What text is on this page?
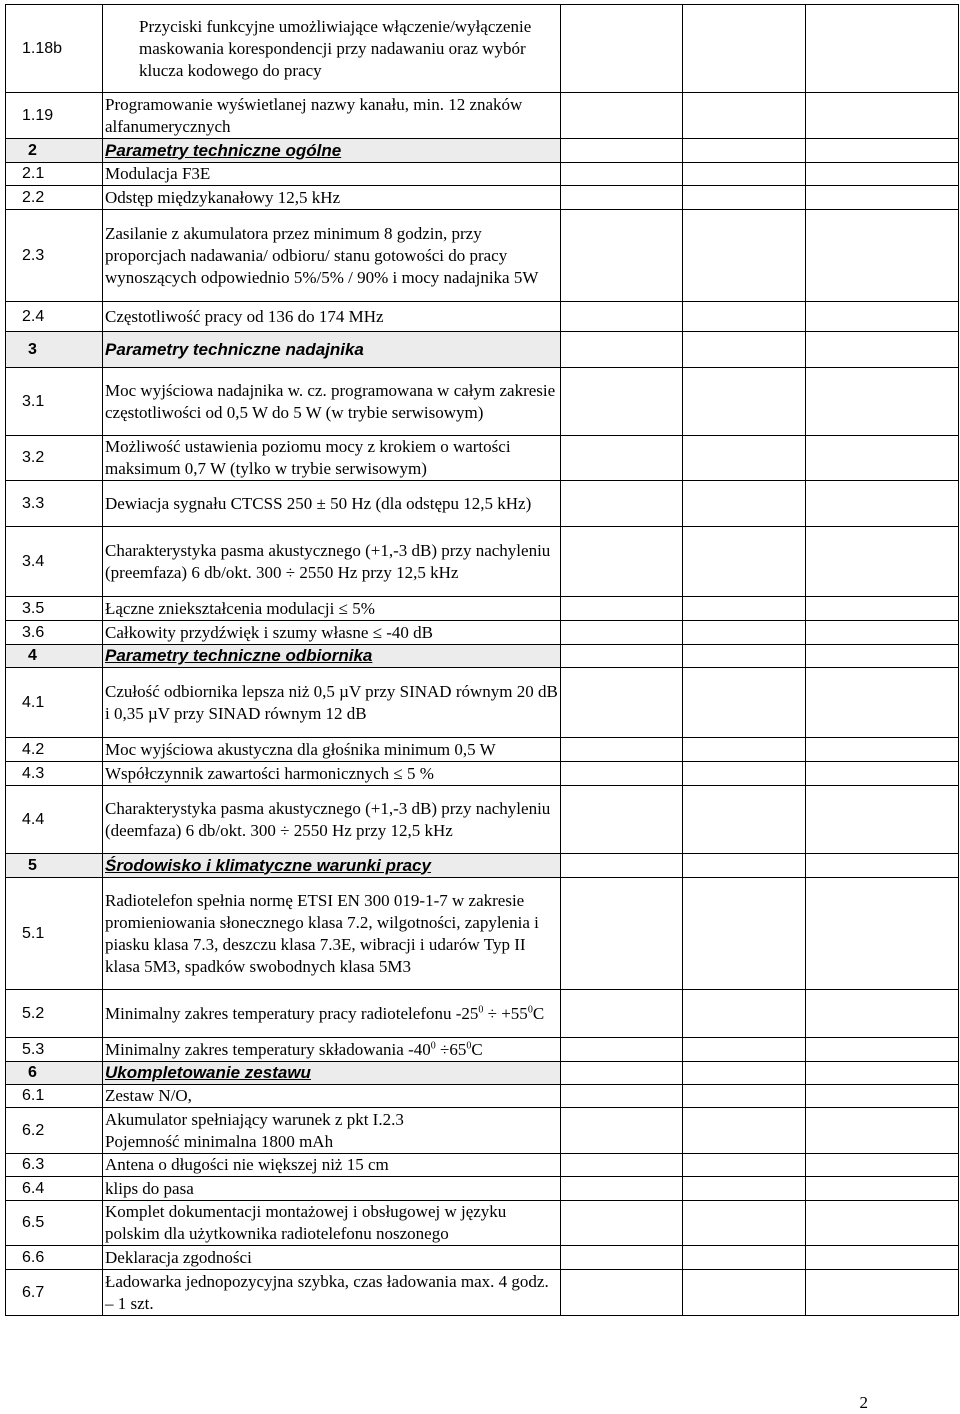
1.18b	Przyciski funkcyjne umożliwiające włączenie/wyłączenie maskowania korespondencji przy nadawaniu oraz wybór klucza kodowego do pracy			
1.19	Programowanie wyświetlanej nazwy kanału, min. 12 znaków alfanumerycznych			
2	Parametry techniczne ogólne			
2.1	Modulacja F3E			
2.2	Odstęp międzykanałowy 12,5 kHz			
2.3	Zasilanie z akumulatora przez minimum 8 godzin, przy proporcjach nadawania/ odbioru/ stanu gotowości do pracy wynoszących odpowiednio 5%/5% / 90% i mocy nadajnika 5W			
2.4	Częstotliwość pracy od 136 do 174 MHz			
3	Parametry techniczne nadajnika			
3.1	Moc wyjściowa nadajnika w. cz. programowana w całym zakresie częstotliwości od 0,5 W do 5 W (w trybie serwisowym)			
3.2	Możliwość ustawienia poziomu mocy z krokiem o wartości maksimum 0,7 W (tylko w trybie serwisowym)			
3.3	Dewiacja sygnału CTCSS 250 ± 50 Hz (dla odstępu 12,5 kHz)			
3.4	Charakterystyka pasma akustycznego (+1,-3 dB) przy nachyleniu (preemfaza) 6 db/okt. 300 ÷ 2550 Hz przy 12,5 kHz			
3.5	Łączne zniekształcenia modulacji ≤ 5%			
3.6	Całkowity przydźwięk i szumy własne ≤ -40 dB			
4	Parametry techniczne odbiornika			
4.1	Czułość odbiornika lepsza niż 0,5 µV przy SINAD równym 20 dB
i 0,35 µV przy SINAD równym 12 dB			
4.2	Moc wyjściowa akustyczna dla głośnika minimum 0,5 W			
4.3	Współczynnik zawartości harmonicznych ≤ 5 %			
4.4	Charakterystyka pasma akustycznego (+1,-3 dB) przy nachyleniu (deemfaza) 6 db/okt. 300 ÷ 2550 Hz przy 12,5 kHz			
5	Środowisko i klimatyczne warunki pracy			
5.1	Radiotelefon spełnia normę ETSI EN 300 019-1-7 w zakresie promieniowania słonecznego klasa 7.2, wilgotności, zapylenia i piasku klasa 7.3, deszczu klasa 7.3E, wibracji i udarów Typ II klasa 5M3, spadków swobodnych klasa 5M3			
5.2	Minimalny zakres temperatury pracy radiotelefonu $-25^0 \div +55^0C$			
5.3	Minimalny zakres temperatury składowania $-40^0 \div 65^0C$			
6	Ukompletowanie zestawu			
6.1	Zestaw N/O,			
6.2	Akumulator spełniający warunek z pkt I.2.3
Pojemność minimalna 1800 mAh			
6.3	Antena o długości nie większej niż 15 cm			
6.4	klips do pasa			
6.5	Komplet dokumentacji montażowej i obsługowej w języku polskim dla użytkownika radiotelefonu noszonego			
6.6	Deklaracja zgodności			
6.7	Ładowarka jednopozycyjna szybka, czas ładowania max. 4 godz. – 1 szt.			
2
